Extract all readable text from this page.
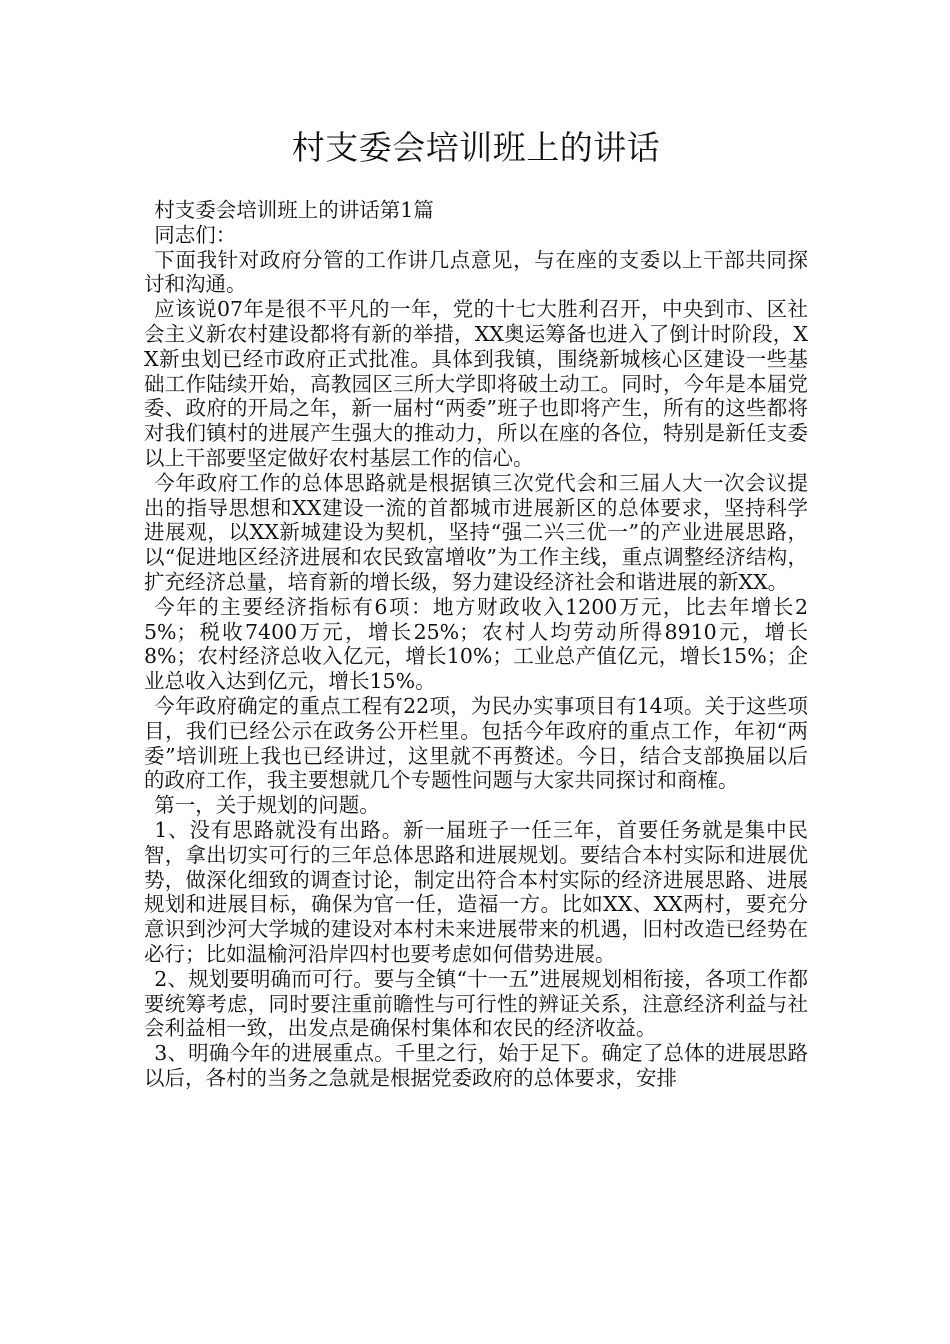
村支委会培训班上的讲话

村支委会培训班上的讲话第1篇

同志们：

下面我针对政府分管的工作讲几点意见，与在座的支委以上干部共同探讨和沟通。

应该说07年是很不平凡的一年，党的十七大胜利召开，中央到市、区社会主义新农村建设都将有新的举措，XX奥运筹备也进入了倒计时阶段，XX新虫划已经市政府正式批准。具体到我镇，围绕新城核心区建设一些基础工作陆续开始，高教园区三所大学即将破土动工。同时，今年是本届党委、政府的开局之年，新一届村“两委”班子也即将产生，所有的这些都将对我们镇村的进展产生强大的推动力，所以在座的各位，特别是新任支委以上干部要坚定做好农村基层工作的信心。

今年政府工作的总体思路就是根据镇三次党代会和三届人大一次会议提出的指导思想和XX建设一流的首都城市进展新区的总体要求，坚持科学进展观，以XX新城建设为契机，坚持“强二兴三优一”的产业进展思路，以“促进地区经济进展和农民致富增收”为工作主线，重点调整经济结构，扩充经济总量，培育新的增长级，努力建设经济社会和谐进展的新XX。

今年的主要经济指标有6项：地方财政收入1200万元，比去年增长25%；税收7400万元，增长25%；农村人均劳动所得8910元，增长8%；农村经济总收入亿元，增长10%；工业总产值亿元，增长15%；企业总收入达到亿元，增长15%。

今年政府确定的重点工程有22项，为民办实事项目有14项。关于这些项目，我们已经公示在政务公开栏里。包括今年政府的重点工作，年初“两委”培训班上我也已经讲过，这里就不再赘述。今日，结合支部换届以后的政府工作，我主要想就几个专题性问题与大家共同探讨和商榷。

第一，关于规划的问题。

1、没有思路就没有出路。新一届班子一任三年，首要任务就是集中民智，拿出切实可行的三年总体思路和进展规划。要结合本村实际和进展优势，做深化细致的调查讨论，制定出符合本村实际的经济进展思路、进展规划和进展目标，确保为官一任，造福一方。比如XX、XX两村，要充分意识到沙河大学城的建设对本村未来进展带来的机遇，旧村改造已经势在必行；比如温榆河沿岸四村也要考虑如何借势进展。

2、规划要明确而可行。要与全镇“十一五”进展规划相衔接，各项工作都要统筹考虑，同时要注重前瞻性与可行性的辨证关系，注意经济利益与社会利益相一致，出发点是确保村集体和农民的经济收益。

3、明确今年的进展重点。千里之行，始于足下。确定了总体的进展思路以后，各村的当务之急就是根据党委政府的总体要求，安排
